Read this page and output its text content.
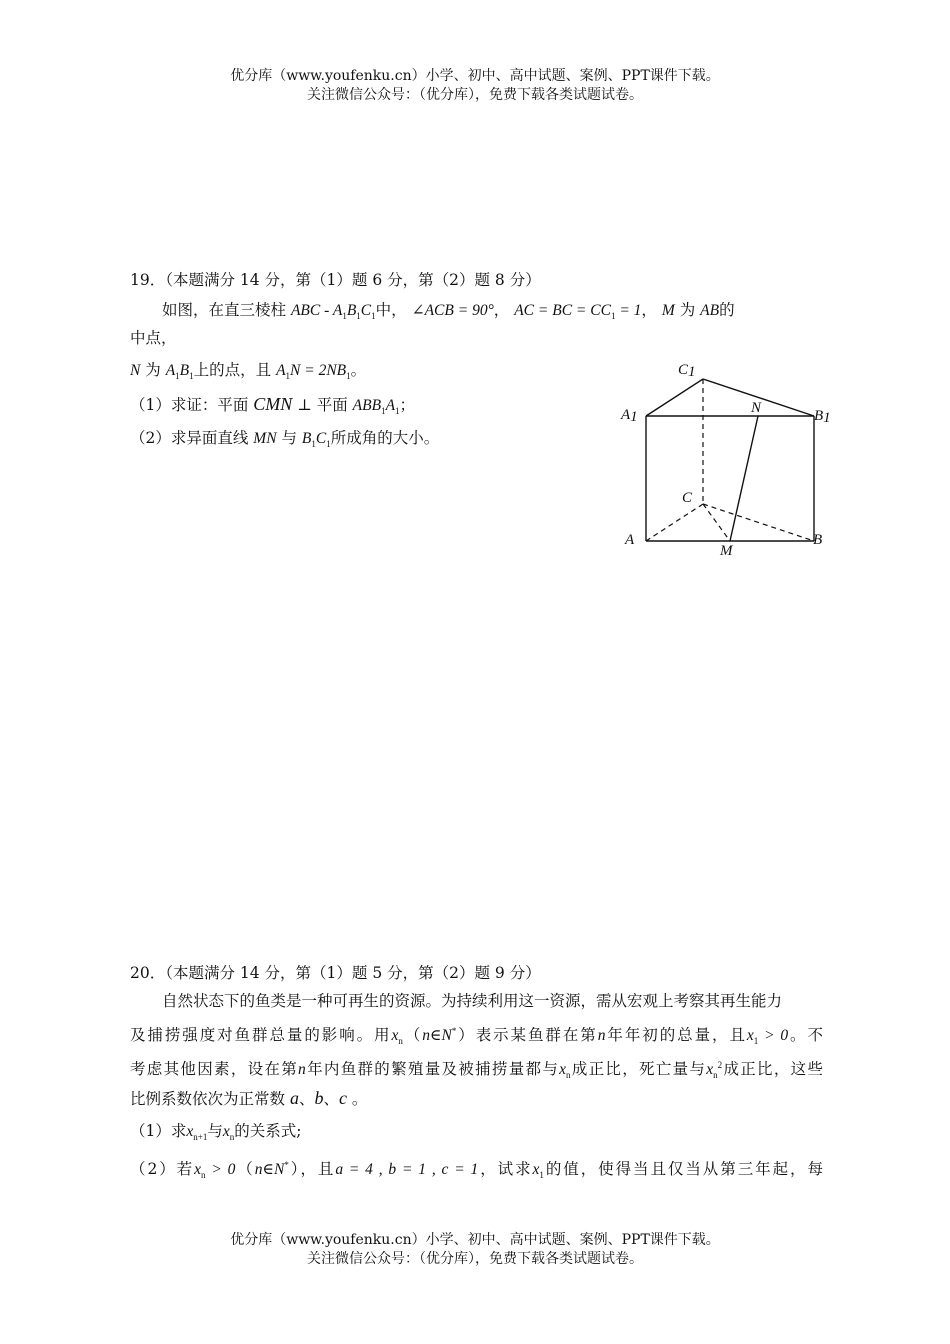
优分库（www.youfenku.cn）小学、初中、高中试题、案例、PPT课件下载。
关注微信公众号：（优分库），免费下载各类试题试卷。
19．（本题满分 14 分，第（1）题 6 分，第（2）题 8 分）
如图，在直三棱柱 ABC - $A_1B_1C_1$中， ∠ACB = 90°， AC = BC = $CC_1 = 1$， M 为 AB的
中点，
N 为 $A_1B_1$上的点，且 $A_1N = 2NB_1$。
（1）求证：平面 CMN ⊥ 平面 $ABB_1A_1$；
（2）求异面直线 MN 与 $B_1C_1$所成角的大小。
C1
A1	B1
N
C
A	B
M
20．（本题满分 14 分，第（1）题 5 分，第（2）题 9 分）
自然状态下的鱼类是一种可再生的资源。为持续利用这一资源，需从宏观上考察其再生能力
及捕捞强度对鱼群总量的影响。用$x_n(n\in N^*)$表示某鱼群在第n年年初的总量，且$x_1 > 0$。不
考虑其他因素，设在第n年内鱼群的繁殖量及被捕捞量都与$x_n$成正比，死亡量与$x_n^2$成正比，这些
比例系数依次为正常数 a、b、c 。
（1）求$x_{n+1}$与$x_n$的关系式;
（2）若$x_n$ > 0（n∈N*），且a = 4 , b = 1 , c = 1，试求$x_1$的值，使得当且仅当从第三年起，每
优分库（www.youfenku.cn）小学、初中、高中试题、案例、PPT课件下载。
关注微信公众号：（优分库），免费下载各类试题试卷。
